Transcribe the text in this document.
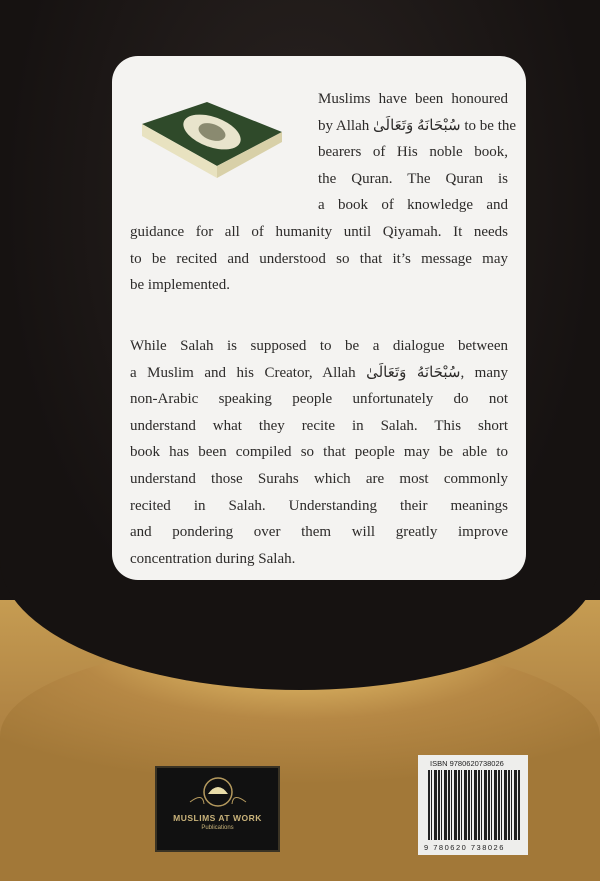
Muslims have been honoured
by Allah سُبْحَانَهُ وَتَعَالَىٰ to be the
bearers of His noble book,
the Quran. The Quran is
a book of knowledge and
guidance for all of humanity until Qiyamah. It needs
to be recited and understood so that it’s message may
be implemented.
While Salah is supposed to be a dialogue between
a Muslim and his Creator, Allah سُبْحَانَهُ وَتَعَالَىٰ, many
non-Arabic speaking people unfortunately do not
understand what they recite in Salah. This short
book has been compiled so that people may be able to
understand those Surahs which are most commonly
recited in Salah. Understanding their meanings
and pondering over them will greatly improve
concentration during Salah.
MUSLIMS AT WORK
Publications
ISBN 9780620738026
9 780620 738026
